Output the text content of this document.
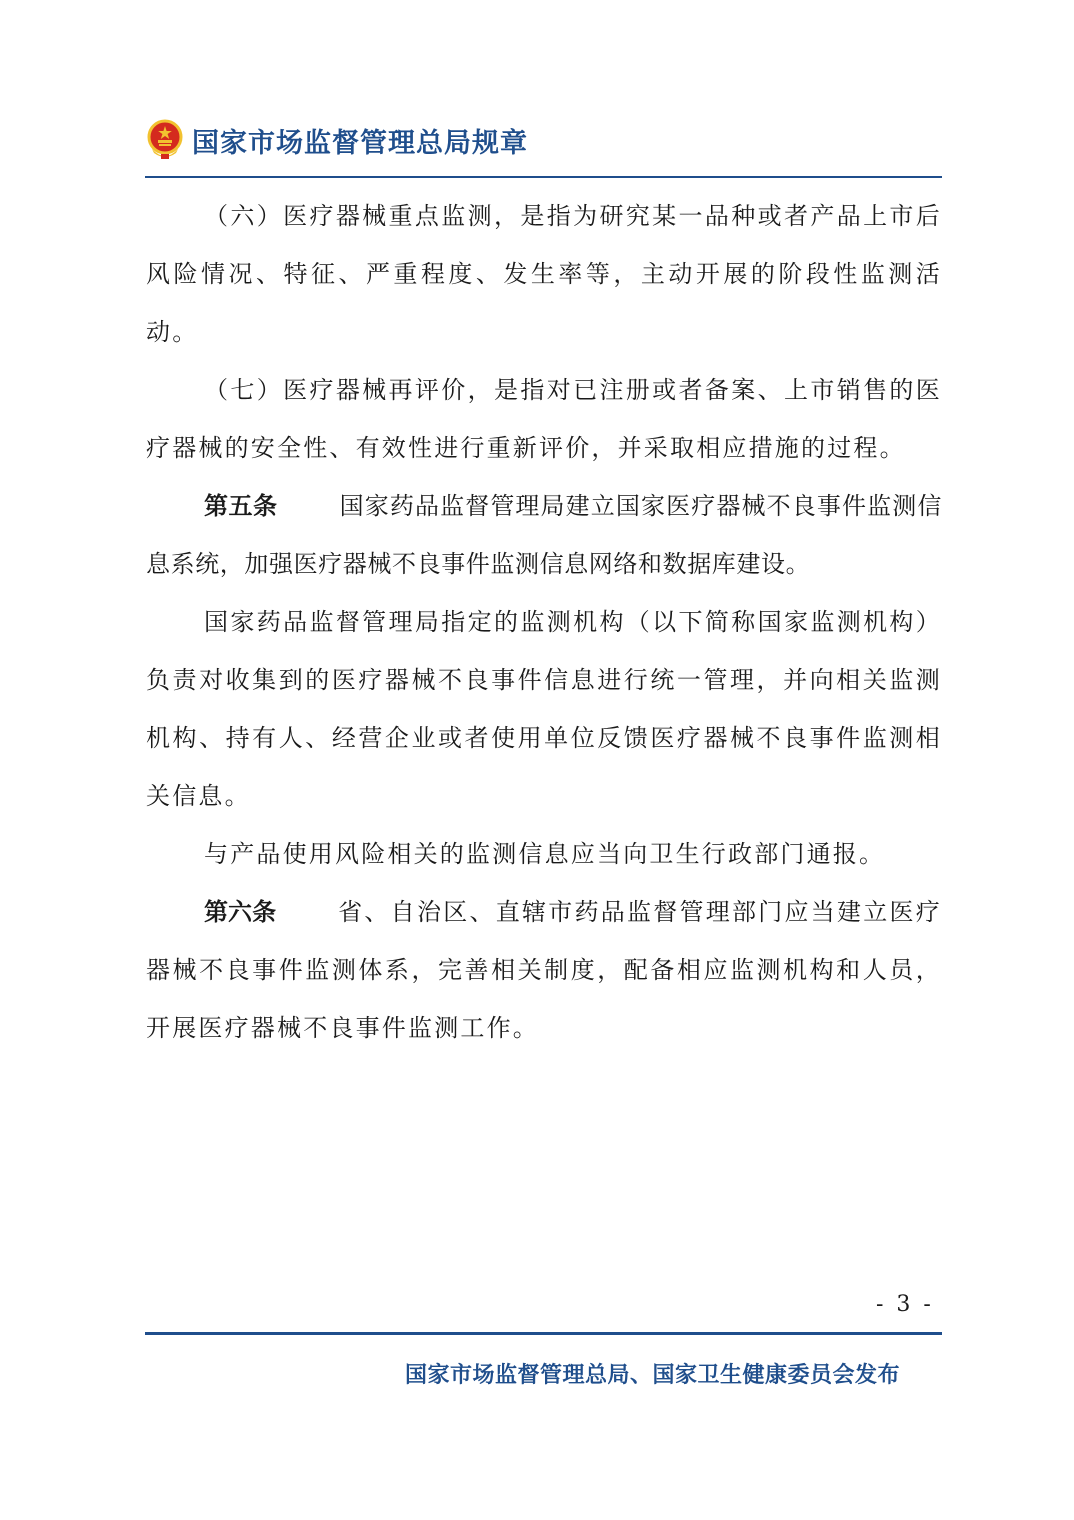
国家市场监督管理总局规章

（六）医疗器械重点监测，是指为研究某一品种或者产品上市后风险情况、特征、严重程度、发生率等，主动开展的阶段性监测活动。

（七）医疗器械再评价，是指对已注册或者备案、上市销售的医疗器械的安全性、有效性进行重新评价，并采取相应措施的过程。

第五条	国家药品监督管理局建立国家医疗器械不良事件监测信息系统，加强医疗器械不良事件监测信息网络和数据库建设。

国家药品监督管理局指定的监测机构（以下简称国家监测机构）负责对收集到的医疗器械不良事件信息进行统一管理，并向相关监测机构、持有人、经营企业或者使用单位反馈医疗器械不良事件监测相关信息。

与产品使用风险相关的监测信息应当向卫生行政部门通报。

第六条	省、自治区、直辖市药品监督管理部门应当建立医疗器械不良事件监测体系，完善相关制度，配备相应监测机构和人员，开展医疗器械不良事件监测工作。

- 3 -
国家市场监督管理总局、国家卫生健康委员会发布
